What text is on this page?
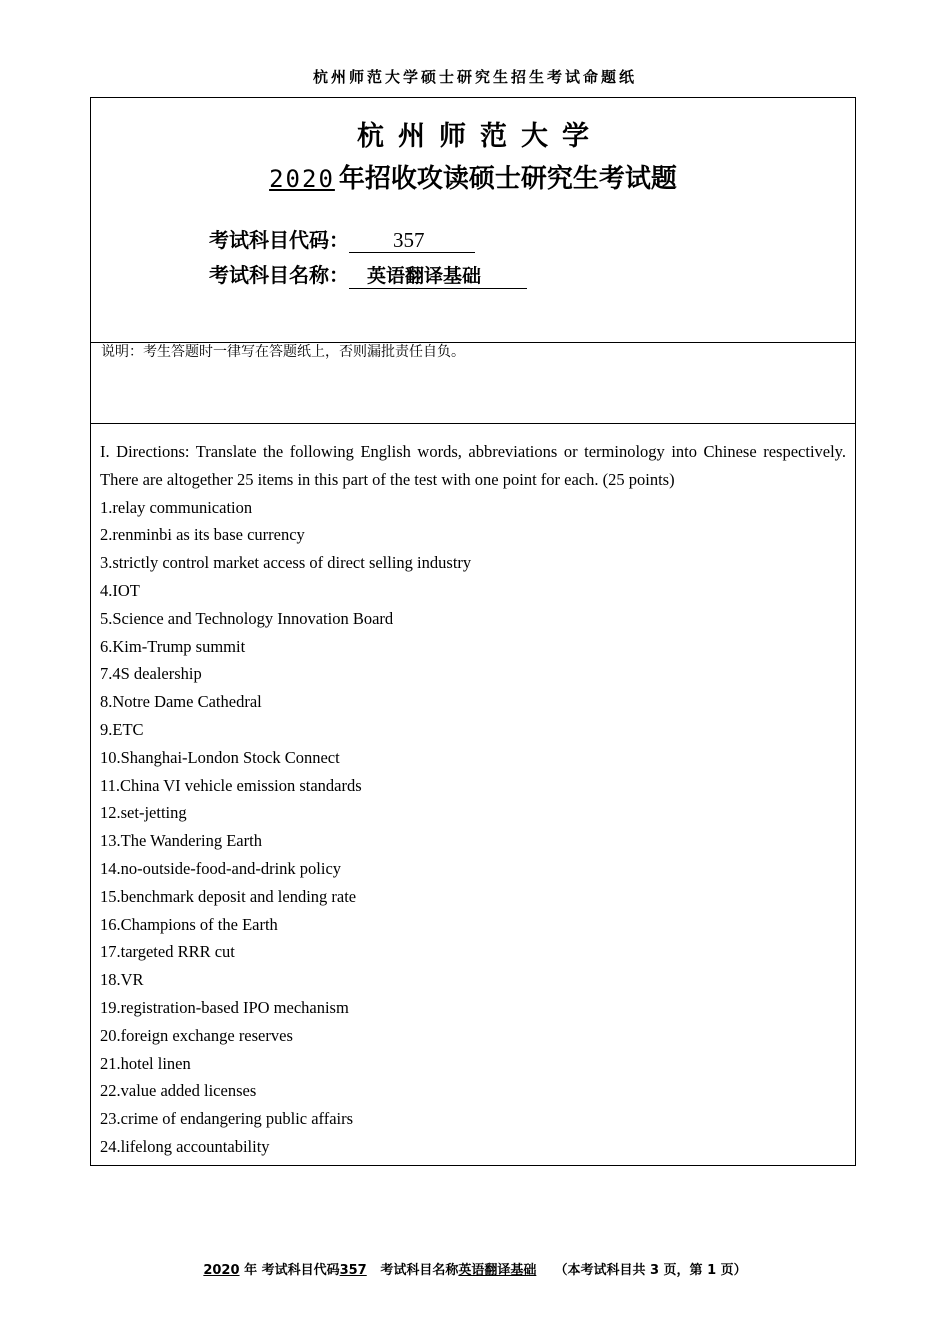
杭州师范大学硕士研究生招生考试命题纸
杭州师范大学
2020 年招收攻读硕士研究生考试题
考试科目代码： 357
考试科目名称： 英语翻译基础

说明：考生答题时一律写在答题纸上，否则漏批责任自负。

I. Directions: Translate the following English words, abbreviations or terminology into Chinese respectively. There are altogether 25 items in this part of the test with one point for each. (25 points)

1.relay communication
2.renminbi as its base currency
3.strictly control market access of direct selling industry
4.IOT
5.Science and Technology Innovation Board
6.Kim-Trump summit
7.4S dealership
8.Notre Dame Cathedral
9.ETC
10.Shanghai-London Stock Connect
11.China VI vehicle emission standards
12.set-jetting
13.The Wandering Earth
14.no-outside-food-and-drink policy
15.benchmark deposit and lending rate
16.Champions of the Earth
17.targeted RRR cut
18.VR
19.registration-based IPO mechanism
20.foreign exchange reserves
21.hotel linen
22.value added licenses
23.crime of endangering public affairs
24.lifelong accountability
2020 年 考试科目代码357 考试科目名称英语翻译基础 （本考试科目共 3 页，第 1 页）
